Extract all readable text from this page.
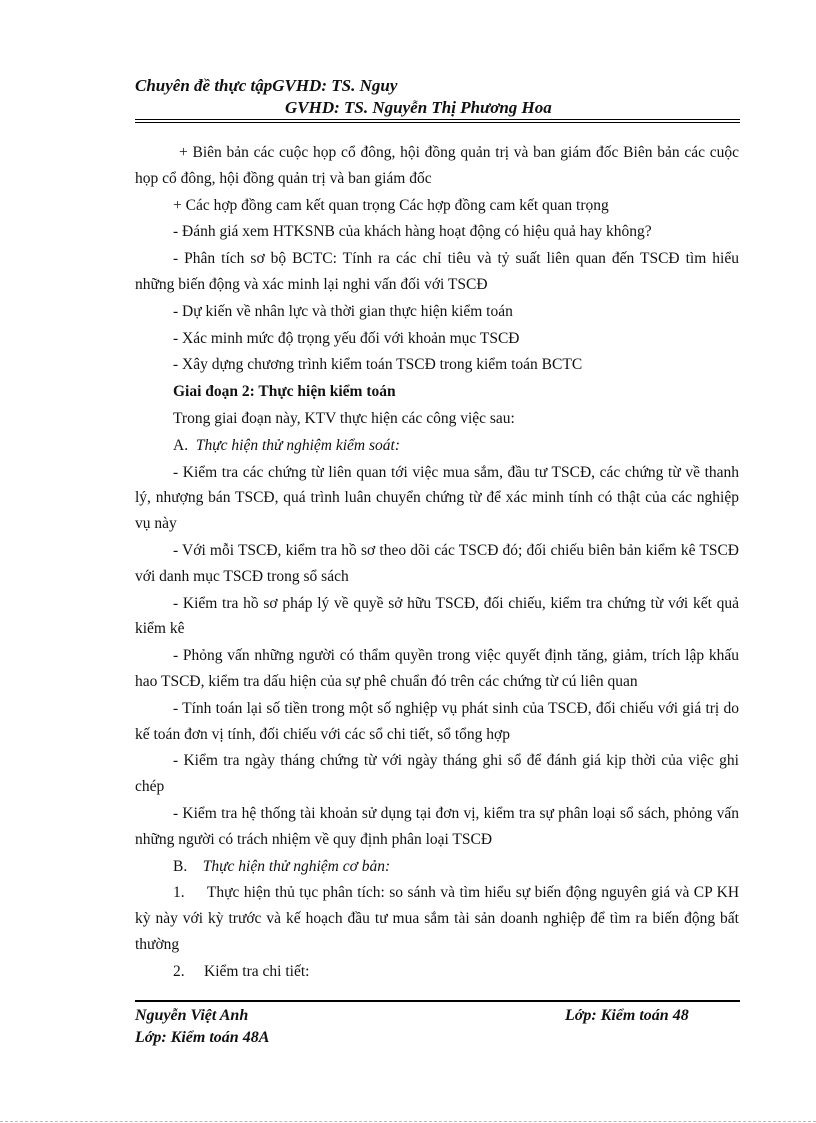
Chuyên đề thực tậpGVHD: TS. Nguy
GVHD: TS. Nguyễn Thị Phương Hoa

+ Biên bản các cuộc họp cổ đông, hội đồng quản trị và ban giám đốc Biên bản các cuộc họp cổ đông, hội đồng quản trị và ban giám đốc

+ Các hợp đồng cam kết quan trọng Các hợp đồng cam kết quan trọng

- Đánh giá xem HTKSNB của khách hàng hoạt động có hiệu quả hay không?

- Phân tích sơ bộ BCTC: Tính ra các chỉ tiêu và tỷ suất liên quan đến TSCĐ tìm hiểu những biến động và xác minh lại nghi vấn đối với TSCĐ

- Dự kiến về nhân lực và thời gian thực hiện kiểm toán

- Xác minh mức độ trọng yếu đối với khoản mục TSCĐ

- Xây dựng chương trình kiểm toán TSCĐ trong kiểm toán BCTC

Giai đoạn 2: Thực hiện kiểm toán

Trong giai đoạn này, KTV thực hiện các công việc sau:

A. Thực hiện thử nghiệm kiểm soát:

- Kiểm tra các chứng từ liên quan tới việc mua sắm, đầu tư TSCĐ, các chứng từ về thanh lý, nhượng bán TSCĐ, quá trình luân chuyển chứng từ để xác minh tính có thật của các nghiệp vụ này

- Với mỗi TSCĐ, kiểm tra hồ sơ theo dõi các TSCĐ đó; đối chiếu biên bản kiểm kê TSCĐ với danh mục TSCĐ trong sổ sách

- Kiểm tra hồ sơ pháp lý về quyề sở hữu TSCĐ, đối chiếu, kiểm tra chứng từ với kết quả kiểm kê

- Phỏng vấn những người có thẩm quyền trong việc quyết định tăng, giảm, trích lập khấu hao TSCĐ, kiểm tra dấu hiện của sự phê chuẩn đó trên các chứng từ cú liên quan

- Tính toán lại số tiền trong một số nghiệp vụ phát sinh của TSCĐ, đối chiếu với giá trị do kế toán đơn vị tính, đối chiếu với các sổ chi tiết, sổ tổng hợp

- Kiểm tra ngày tháng chứng từ với ngày tháng ghi sổ để đánh giá kịp thời của việc ghi chép

- Kiểm tra hệ thống tài khoản sử dụng tại đơn vị, kiểm tra sự phân loại sổ sách, phỏng vấn những người có trách nhiệm về quy định phân loại TSCĐ

B. Thực hiện thử nghiệm cơ bản:

1. Thực hiện thủ tục phân tích: so sánh và tìm hiểu sự biến động nguyên giá và CP KH kỳ này với kỳ trước và kế hoạch đầu tư mua sắm tài sản doanh nghiệp để tìm ra biến động bất thường

2. Kiểm tra chi tiết:

Nguyễn Việt Anh	Lớp: Kiểm toán 48
Lớp: Kiểm toán 48A
